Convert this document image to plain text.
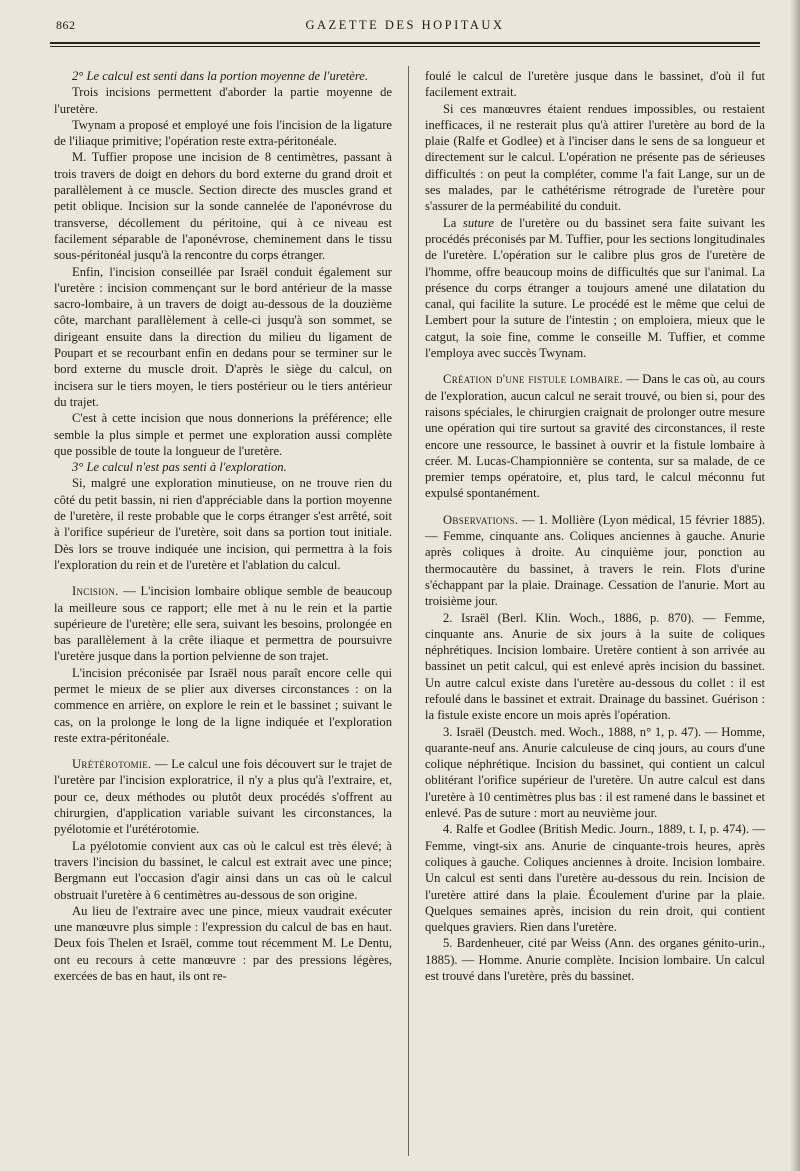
862	GAZETTE DES HOPITAUX

2° Le calcul est senti dans la portion moyenne de l'uretère.

Trois incisions permettent d'aborder la partie moyenne de l'uretère.

Twynam a proposé et employé une fois l'incision de la ligature de l'iliaque primitive; l'opération reste extra-péritonéale.

M. Tuffier propose une incision de 8 centimètres, passant à trois travers de doigt en dehors du bord externe du grand droit et parallèlement à ce muscle. Section directe des muscles grand et petit oblique. Incision sur la sonde cannelée de l'aponévrose du transverse, décollement du péritoine, qui à ce niveau est facilement séparable de l'aponévrose, cheminement dans le tissu sous-péritonéal jusqu'à la rencontre du corps étranger.

Enfin, l'incision conseillée par Israël conduit également sur l'uretère : incision commençant sur le bord antérieur de la masse sacro-lombaire, à un travers de doigt au-dessous de la douzième côte, marchant parallèlement à celle-ci jusqu'à son sommet, se dirigeant ensuite dans la direction du milieu du ligament de Poupart et se recourbant enfin en dedans pour se terminer sur le bord externe du muscle droit. D'après le siège du calcul, on incisera sur le tiers moyen, le tiers postérieur ou le tiers antérieur du trajet.

C'est à cette incision que nous donnerions la préférence; elle semble la plus simple et permet une exploration aussi complète que possible de toute la longueur de l'uretère.

3° Le calcul n'est pas senti à l'exploration.

Si, malgré une exploration minutieuse, on ne trouve rien du côté du petit bassin, ni rien d'appréciable dans la portion moyenne de l'uretère, il reste probable que le corps étranger s'est arrêté, soit à l'orifice supérieur de l'uretère, soit dans sa portion tout initiale. Dès lors se trouve indiquée une incision, qui permettra à la fois l'exploration du rein et de l'uretère et l'ablation du calcul.

Incision. — L'incision lombaire oblique semble de beaucoup la meilleure sous ce rapport; elle met à nu le rein et la partie supérieure de l'uretère; elle sera, suivant les besoins, prolongée en bas parallèlement à la crête iliaque et permettra de poursuivre l'uretère jusque dans la portion pelvienne de son trajet.

L'incision préconisée par Israël nous paraît encore celle qui permet le mieux de se plier aux diverses circonstances : on la commence en arrière, on explore le rein et le bassinet ; suivant le cas, on la prolonge le long de la ligne indiquée et l'exploration reste extra-péritonéale.

Urétérotomie. — Le calcul une fois découvert sur le trajet de l'uretère par l'incision exploratrice, il n'y a plus qu'à l'extraire, et, pour ce, deux méthodes ou plutôt deux procédés s'offrent au chirurgien, d'application variable suivant les circonstances, la pyélotomie et l'urétérotomie.

La pyélotomie convient aux cas où le calcul est très élevé; à travers l'incision du bassinet, le calcul est extrait avec une pince; Bergmann eut l'occasion d'agir ainsi dans un cas où le calcul obstruait l'uretère à 6 centimètres au-dessous de son origine.

Au lieu de l'extraire avec une pince, mieux vaudrait exécuter une manœuvre plus simple : l'expression du calcul de bas en haut. Deux fois Thelen et Israël, comme tout récemment M. Le Dentu, ont eu recours à cette manœuvre : par des pressions légères, exercées de bas en haut, ils ont re-

foulé le calcul de l'uretère jusque dans le bassinet, d'où il fut facilement extrait.

Si ces manœuvres étaient rendues impossibles, ou restaient inefficaces, il ne resterait plus qu'à attirer l'uretère au bord de la plaie (Ralfe et Godlee) et à l'inciser dans le sens de sa longueur et directement sur le calcul. L'opération ne présente pas de sérieuses difficultés : on peut la compléter, comme l'a fait Lange, sur un de ses malades, par le cathétérisme rétrograde de l'uretère pour s'assurer de la perméabilité du conduit.

La suture de l'uretère ou du bassinet sera faite suivant les procédés préconisés par M. Tuffier, pour les sections longitudinales de l'uretère. L'opération sur le calibre plus gros de l'uretère de l'homme, offre beaucoup moins de difficultés que sur l'animal. La présence du corps étranger a toujours amené une dilatation du canal, qui facilite la suture. Le procédé est le même que celui de Lembert pour la suture de l'intestin ; on emploiera, mieux que le catgut, la soie fine, comme le conseille M. Tuffier, et comme l'employa avec succès Twynam.

Création d'une fistule lombaire. — Dans le cas où, au cours de l'exploration, aucun calcul ne serait trouvé, ou bien si, pour des raisons spéciales, le chirurgien craignait de prolonger outre mesure une opération qui tire surtout sa gravité des circonstances, il reste encore une ressource, le bassinet à ouvrir et la fistule lombaire à créer. M. Lucas-Championnière se contenta, sur sa malade, de ce premier temps opératoire, et, plus tard, le calcul méconnu fut expulsé spontanément.

Observations. — 1. Mollière (Lyon médical, 15 février 1885). — Femme, cinquante ans. Coliques anciennes à gauche. Anurie après coliques à droite. Au cinquième jour, ponction au thermocautère du bassinet, à travers le rein. Flots d'urine s'échappant par la plaie. Drainage. Cessation de l'anurie. Mort au troisième jour.

2. Israël (Berl. Klin. Woch., 1886, p. 870). — Femme, cinquante ans. Anurie de six jours à la suite de coliques néphrétiques. Incision lombaire. Uretère contient à son arrivée au bassinet un petit calcul, qui est enlevé après incision du bassinet. Un autre calcul existe dans l'uretère au-dessous du collet : il est refoulé dans le bassinet et extrait. Drainage du bassinet. Guérison : la fistule existe encore un mois après l'opération.

3. Israël (Deustch. med. Woch., 1888, n° 1, p. 47). — Homme, quarante-neuf ans. Anurie calculeuse de cinq jours, au cours d'une colique néphrétique. Incision du bassinet, qui contient un calcul oblitérant l'orifice supérieur de l'uretère. Un autre calcul est dans l'uretère à 10 centimètres plus bas : il est ramené dans le bassinet et enlevé. Pas de suture : mort au neuvième jour.

4. Ralfe et Godlee (British Medic. Journ., 1889, t. I, p. 474). — Femme, vingt-six ans. Anurie de cinquante-trois heures, après coliques à gauche. Coliques anciennes à droite. Incision lombaire. Un calcul est senti dans l'uretère au-dessous du rein. Incision de l'uretère attiré dans la plaie. Écoulement d'urine par la plaie. Quelques semaines après, incision du rein droit, qui contient quelques graviers. Rien dans l'uretère.

5. Bardenheuer, cité par Weiss (Ann. des organes génito-urin., 1885). — Homme. Anurie complète. Incision lombaire. Un calcul est trouvé dans l'uretère, près du bassinet.
